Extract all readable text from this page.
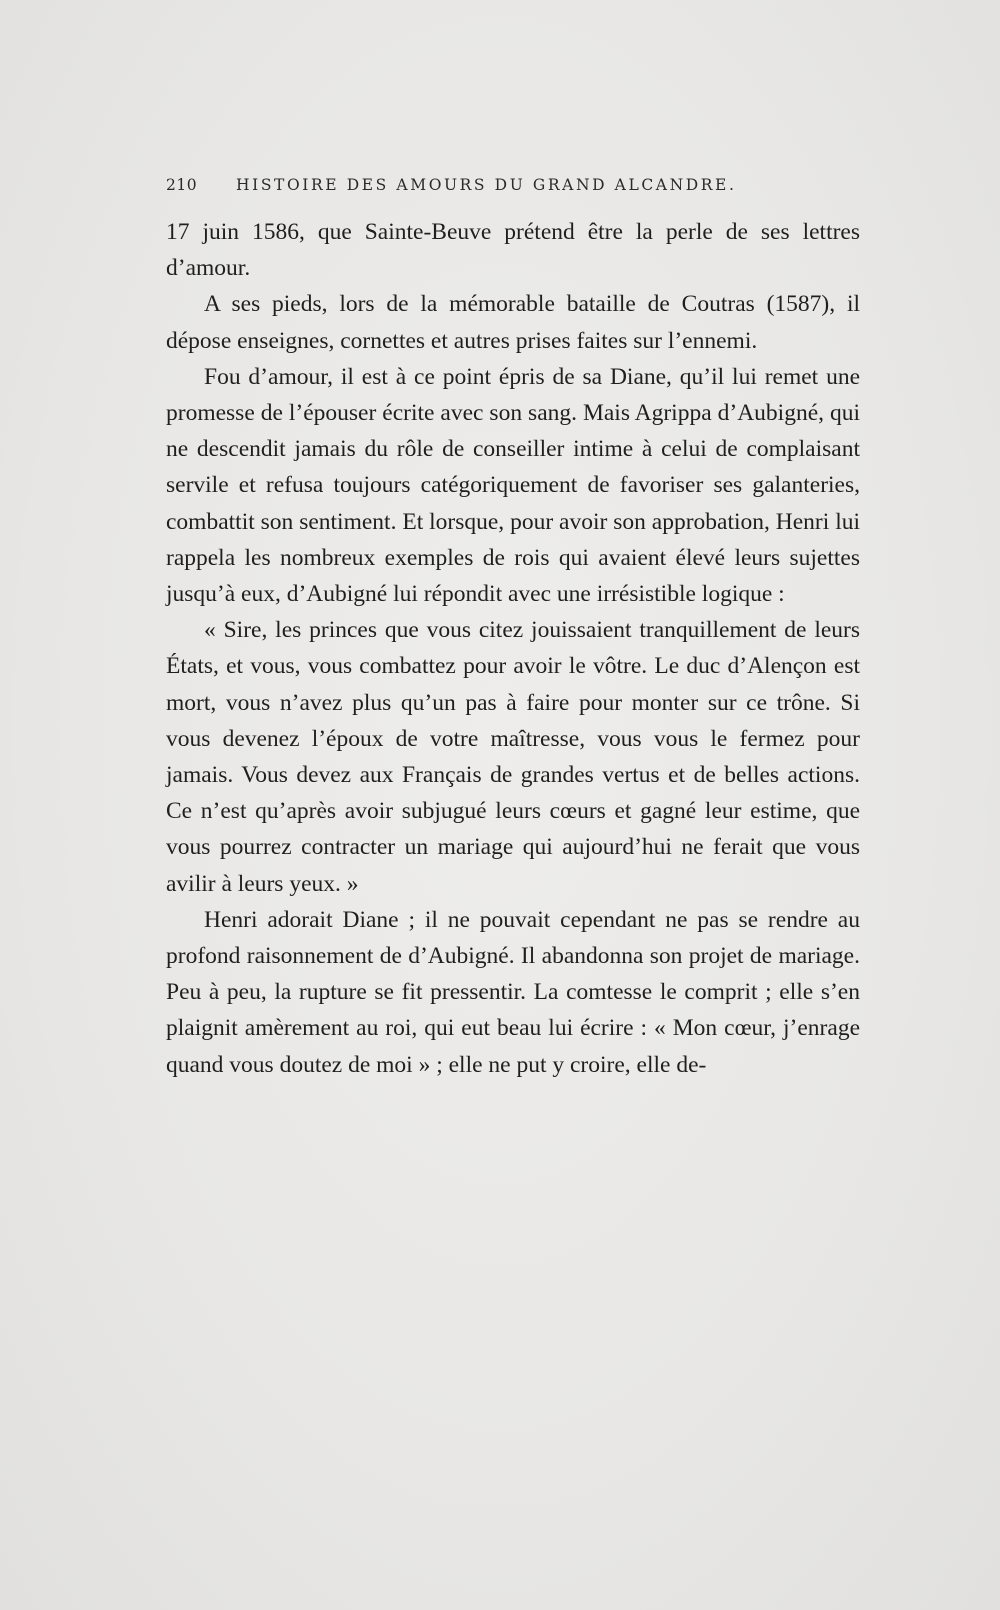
210	HISTOIRE DES AMOURS DU GRAND ALCANDRE.

17 juin 1586, que Sainte-Beuve prétend être la perle de ses lettres d’amour.

A ses pieds, lors de la mémorable bataille de Coutras (1587), il dépose enseignes, cornettes et autres prises faites sur l’ennemi.

Fou d’amour, il est à ce point épris de sa Diane, qu’il lui remet une promesse de l’épouser écrite avec son sang. Mais Agrippa d’Aubigné, qui ne descendit jamais du rôle de conseiller intime à celui de complaisant servile et refusa toujours catégoriquement de favoriser ses galanteries, combattit son sentiment. Et lorsque, pour avoir son approbation, Henri lui rappela les nombreux exemples de rois qui avaient élevé leurs sujettes jusqu’à eux, d’Aubigné lui répondit avec une irrésistible logique :

« Sire, les princes que vous citez jouissaient tranquillement de leurs États, et vous, vous combattez pour avoir le vôtre. Le duc d’Alençon est mort, vous n’avez plus qu’un pas à faire pour monter sur ce trône. Si vous devenez l’époux de votre maîtresse, vous vous le fermez pour jamais. Vous devez aux Français de grandes vertus et de belles actions. Ce n’est qu’après avoir subjugué leurs cœurs et gagné leur estime, que vous pourrez contracter un mariage qui aujourd’hui ne ferait que vous avilir à leurs yeux. »

Henri adorait Diane ; il ne pouvait cependant ne pas se rendre au profond raisonnement de d’Aubigné. Il abandonna son projet de mariage. Peu à peu, la rupture se fit pressentir. La comtesse le comprit ; elle s’en plaignit amèrement au roi, qui eut beau lui écrire : « Mon cœur, j’enrage quand vous doutez de moi » ; elle ne put y croire, elle de-
